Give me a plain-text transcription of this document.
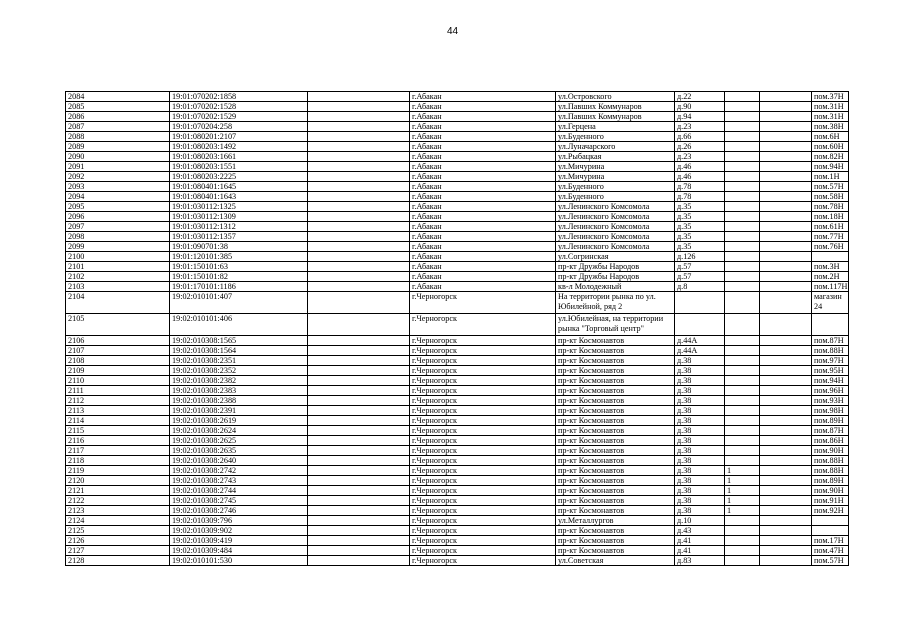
44
2084	19:01:070202:1858		г.Абакан	ул.Островского	д.22			пом.37Н
2085	19:01:070202:1528		г.Абакан	ул.Павших Коммунаров	д.90			пом.31Н
2086	19:01:070202:1529		г.Абакан	ул.Павших Коммунаров	д.94			пом.31Н
2087	19:01:070204:258		г.Абакан	ул.Герцена	д.23			пом.38Н
2088	19:01:080201:2107		г.Абакан	ул.Буденного	д.66			пом.6Н
2089	19:01:080203:1492		г.Абакан	ул.Луначарского	д.26			пом.60Н
2090	19:01:080203:1661		г.Абакан	ул.Рыбацкая	д.23			пом.82Н
2091	19:01:080203:1551		г.Абакан	ул.Мичурина	д.46			пом.94Н
2092	19:01:080203:2225		г.Абакан	ул.Мичурина	д.46			пом.1Н
2093	19:01:080401:1645		г.Абакан	ул.Буденного	д.78			пом.57Н
2094	19:01:080401:1643		г.Абакан	ул.Буденного	д.78			пом.58Н
2095	19:01:030112:1325		г.Абакан	ул.Ленинского Комсомола	д.35			пом.78Н
2096	19:01:030112:1309		г.Абакан	ул.Ленинского Комсомола	д.35			пом.18Н
2097	19:01:030112:1312		г.Абакан	ул.Ленинского Комсомола	д.35			пом.61Н
2098	19:01:030112:1357		г.Абакан	ул.Ленинского Комсомола	д.35			пом.77Н
2099	19:01:090701:38		г.Абакан	ул.Ленинского Комсомола	д.35			пом.76Н
2100	19:01:120101:385		г.Абакан	ул.Согринская	д.126			
2101	19:01:150101:63		г.Абакан	пр-кт Дружбы Народов	д.57			пом.3Н
2102	19:01:150101:82		г.Абакан	пр-кт Дружбы Народов	д.57			пом.2Н
2103	19:01:170101:1186		г.Абакан	кв-л Молодежный	д.8			пом.117Н
2104	19:02:010101:407		г.Черногорск	На территории рынка по ул. Юбилейной, ряд 2				магазин 24
2105	19:02:010101:406		г.Черногорск	ул.Юбилейная, на территории рынка "Торговый центр"				
2106	19:02:010308:1565		г.Черногорск	пр-кт Космонавтов	д.44А			пом.87Н
2107	19:02:010308:1564		г.Черногорск	пр-кт Космонавтов	д.44А			пом.88Н
2108	19:02:010308:2351		г.Черногорск	пр-кт Космонавтов	д.38			пом.97Н
2109	19:02:010308:2352		г.Черногорск	пр-кт Космонавтов	д.38			пом.95Н
2110	19:02:010308:2382		г.Черногорск	пр-кт Космонавтов	д.38			пом.94Н
2111	19:02:010308:2383		г.Черногорск	пр-кт Космонавтов	д.38			пом.96Н
2112	19:02:010308:2388		г.Черногорск	пр-кт Космонавтов	д.38			пом.93Н
2113	19:02:010308:2391		г.Черногорск	пр-кт Космонавтов	д.38			пом.98Н
2114	19:02:010308:2619		г.Черногорск	пр-кт Космонавтов	д.38			пом.89Н
2115	19:02:010308:2624		г.Черногорск	пр-кт Космонавтов	д.38			пом.87Н
2116	19:02:010308:2625		г.Черногорск	пр-кт Космонавтов	д.38			пом.86Н
2117	19:02:010308:2635		г.Черногорск	пр-кт Космонавтов	д.38			пом.90Н
2118	19:02:010308:2640		г.Черногорск	пр-кт Космонавтов	д.38			пом.88Н
2119	19:02:010308:2742		г.Черногорск	пр-кт Космонавтов	д.38	1		пом.88Н
2120	19:02:010308:2743		г.Черногорск	пр-кт Космонавтов	д.38	1		пом.89Н
2121	19:02:010308:2744		г.Черногорск	пр-кт Космонавтов	д.38	1		пом.90Н
2122	19:02:010308:2745		г.Черногорск	пр-кт Космонавтов	д.38	1		пом.91Н
2123	19:02:010308:2746		г.Черногорск	пр-кт Космонавтов	д.38	1		пом.92Н
2124	19:02:010309:796		г.Черногорск	ул.Металлургов	д.10			
2125	19:02:010309:902		г.Черногорск	пр-кт Космонавтов	д.43			
2126	19:02:010309:419		г.Черногорск	пр-кт Космонавтов	д.41			пом.17Н
2127	19:02:010309:484		г.Черногорск	пр-кт Космонавтов	д.41			пом.47Н
2128	19:02:010101:530		г.Черногорск	ул.Советская	д.83			пом.57Н
